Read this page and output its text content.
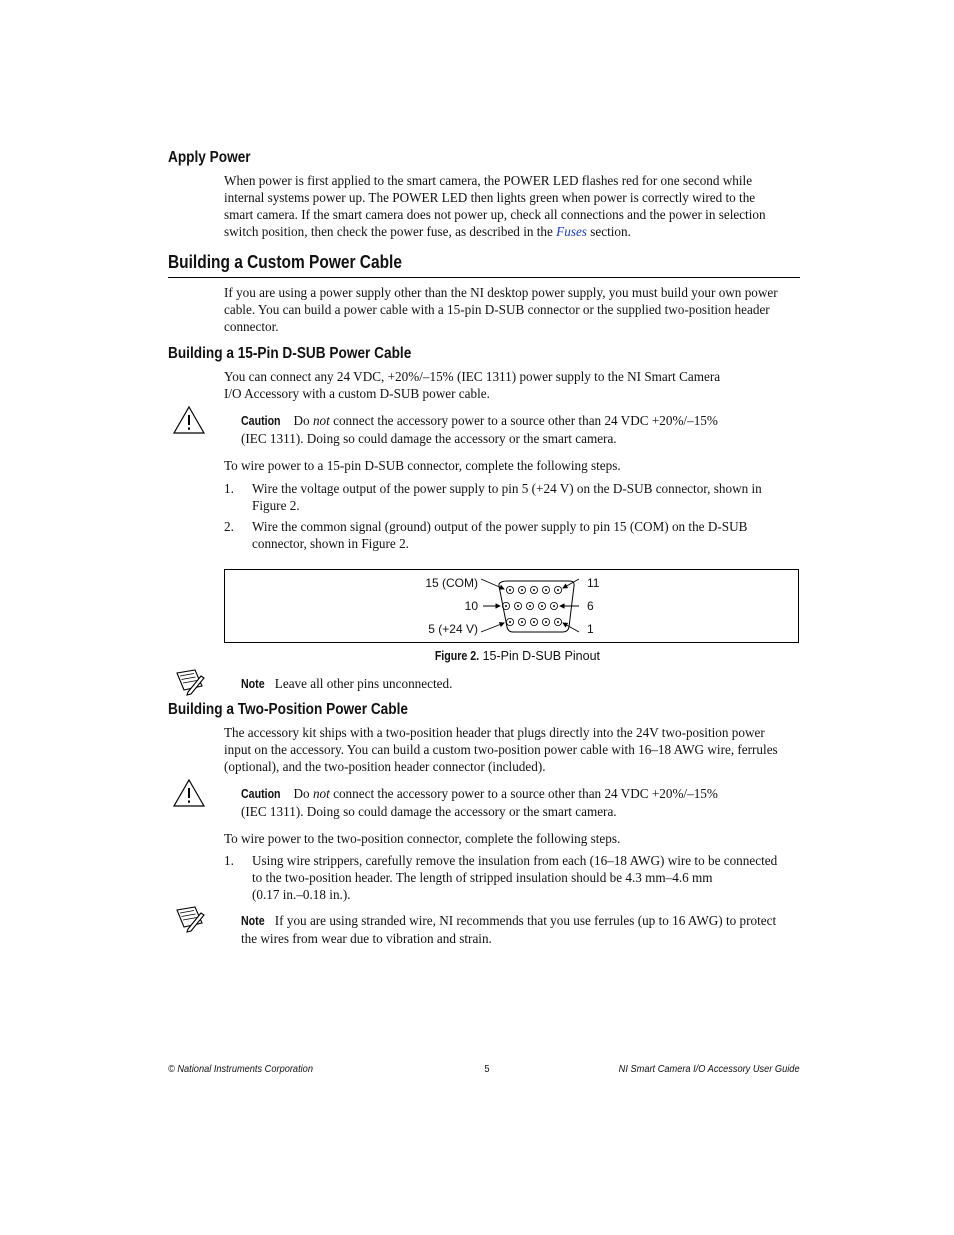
Apply Power
When power is first applied to the smart camera, the POWER LED flashes red for one second while
internal systems power up. The POWER LED then lights green when power is correctly wired to the
smart camera. If the smart camera does not power up, check all connections and the power in selection
switch position, then check the power fuse, as described in the Fuses section.
Building a Custom Power Cable
If you are using a power supply other than the NI desktop power supply, you must build your own power
cable. You can build a power cable with a 15-pin D-SUB connector or the supplied two-position header
connector.
Building a 15-Pin D-SUB Power Cable
You can connect any 24 VDC, +20%/–15% (IEC 1311) power supply to the NI Smart Camera
I/O Accessory with a custom D-SUB power cable.
Caution Do not connect the accessory power to a source other than 24 VDC +20%/–15%
(IEC 1311). Doing so could damage the accessory or the smart camera.
To wire power to a 15-pin D-SUB connector, complete the following steps.
1. Wire the voltage output of the power supply to pin 5 (+24 V) on the D-SUB connector, shown in
Figure 2.
2. Wire the common signal (ground) output of the power supply to pin 15 (COM) on the D-SUB
connector, shown in Figure 2.
15 (COM)
10
5 (+24 V)
11
6
1
Figure 2. 15-Pin D-SUB Pinout
Note Leave all other pins unconnected.
Building a Two-Position Power Cable
The accessory kit ships with a two-position header that plugs directly into the 24V two-position power
input on the accessory. You can build a custom two-position power cable with 16–18 AWG wire, ferrules
(optional), and the two-position header connector (included).
Caution Do not connect the accessory power to a source other than 24 VDC +20%/–15%
(IEC 1311). Doing so could damage the accessory or the smart camera.
To wire power to the two-position connector, complete the following steps.
1. Using wire strippers, carefully remove the insulation from each (16–18 AWG) wire to be connected
to the two-position header. The length of stripped insulation should be 4.3 mm–4.6 mm
(0.17 in.–0.18 in.).
Note If you are using stranded wire, NI recommends that you use ferrules (up to 16 AWG) to protect
the wires from wear due to vibration and strain.
© National Instruments Corporation	5	NI Smart Camera I/O Accessory User Guide
